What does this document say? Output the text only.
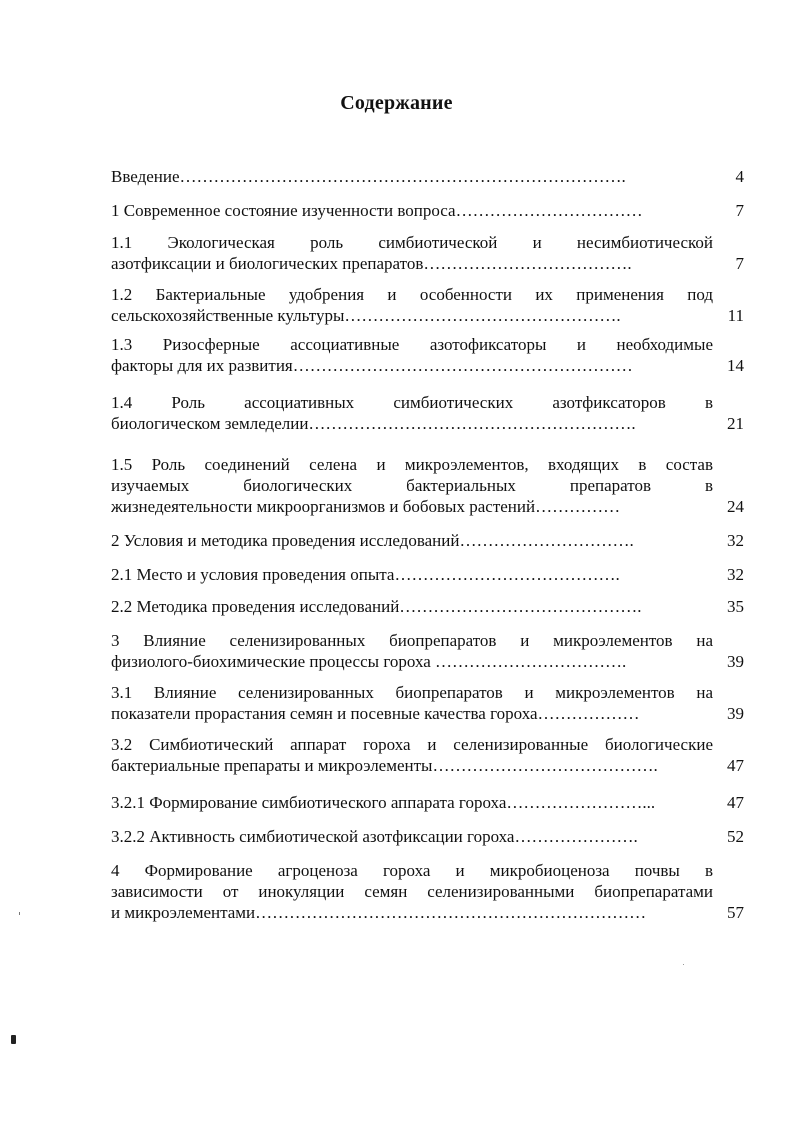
Содержание
Введение…………………………………………………………………….	4
1 Современное состояние изученности вопроса……………………………	7
1.1 Экологическая роль симбиотической и несимбиотической
азотфиксации и биологических препаратов……………………………….	7
1.2 Бактериальные удобрения и особенности их применения под
сельскохозяйственные культуры………………………………………….	11
1.3 Ризосферные ассоциативные азотофиксаторы и необходимые
факторы для их развития……………………………………………………	14
1.4 Роль ассоциативных симбиотических азотфиксаторов в
биологическом земледелии………………………………………………….	21
1.5 Роль соединений селена и микроэлементов, входящих в состав
изучаемых биологических бактериальных препаратов в
жизнедеятельности микроорганизмов и бобовых растений……………	24
2 Условия и методика проведения исследований………………………….	32
2.1 Место и условия проведения опыта………………………………….	32
2.2 Методика проведения исследований…………………………………….	35
3 Влияние селенизированных биопрепаратов и микроэлементов на
физиолого-биохимические процессы гороха …………………………….	39
3.1 Влияние селенизированных биопрепаратов и микроэлементов на
показатели прорастания семян и посевные качества гороха………………	39
3.2 Симбиотический аппарат гороха и селенизированные биологические
бактериальные препараты и микроэлементы………………………………….	47
3.2.1 Формирование симбиотического аппарата гороха……………………...	47
3.2.2 Активность симбиотической азотфиксации гороха………………….	52
4 Формирование агроценоза гороха и микробиоценоза почвы в
зависимости от инокуляции семян селенизированными биопрепаратами
и микроэлементами……………………………………………………………	57
